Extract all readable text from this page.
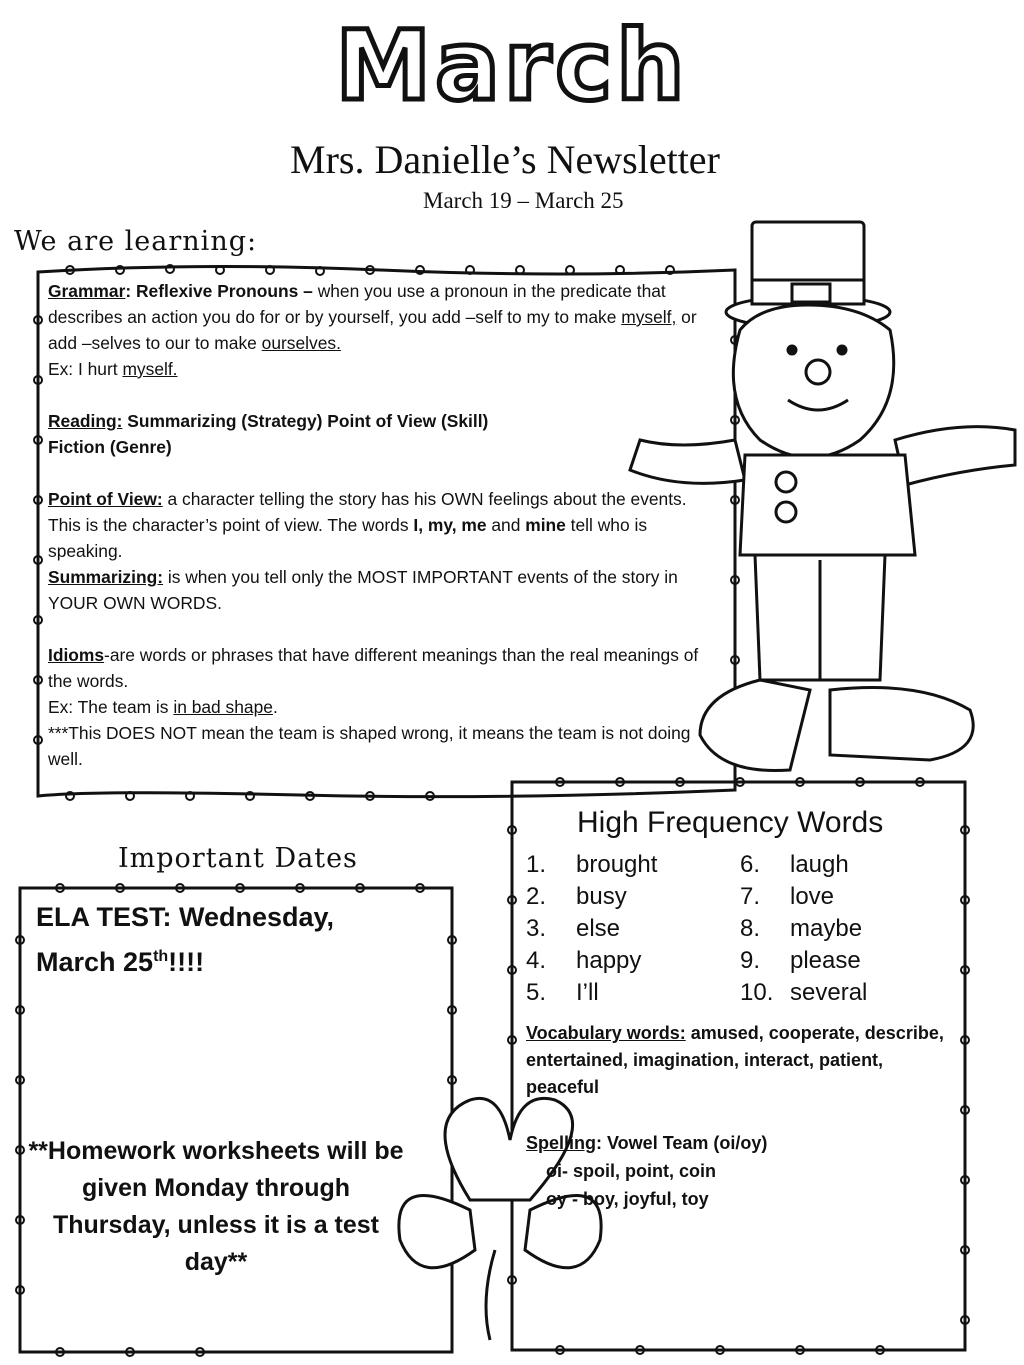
March
Mrs. Danielle’s Newsletter
March 19 – March 25
We are learning:

Grammar: Reflexive Pronouns – when you use a pronoun in the predicate that describes an action you do for or by yourself, you add –self to my to make myself, or add –selves to our to make ourselves.

Ex: I hurt myself.

Reading: Summarizing (Strategy) Point of View (Skill)

Fiction (Genre)

Point of View: a character telling the story has his OWN feelings about the events. This is the character’s point of view. The words I, my, me and mine tell who is speaking.

Summarizing: is when you tell only the MOST IMPORTANT events of the story in YOUR OWN WORDS.

Idioms-are words or phrases that have different meanings than the real meanings of the words.

Ex: The team is in bad shape.

***This DOES NOT mean the team is shaped wrong, it means the team is not doing well.

Important Dates
ELA TEST: Wednesday,
March 25th!!!!
**Homework worksheets will be given Monday through Thursday, unless it is a test day**
High Frequency Words
1. brought
2. busy
3. else
4. happy
5. I’ll
6. laugh
7. love
8. maybe
9. please
10. several
Vocabulary words: amused, cooperate, describe, entertained, imagination, interact, patient, peaceful
Spelling: Vowel Team (oi/oy)
oi- spoil, point, coin
oy - boy, joyful, toy
